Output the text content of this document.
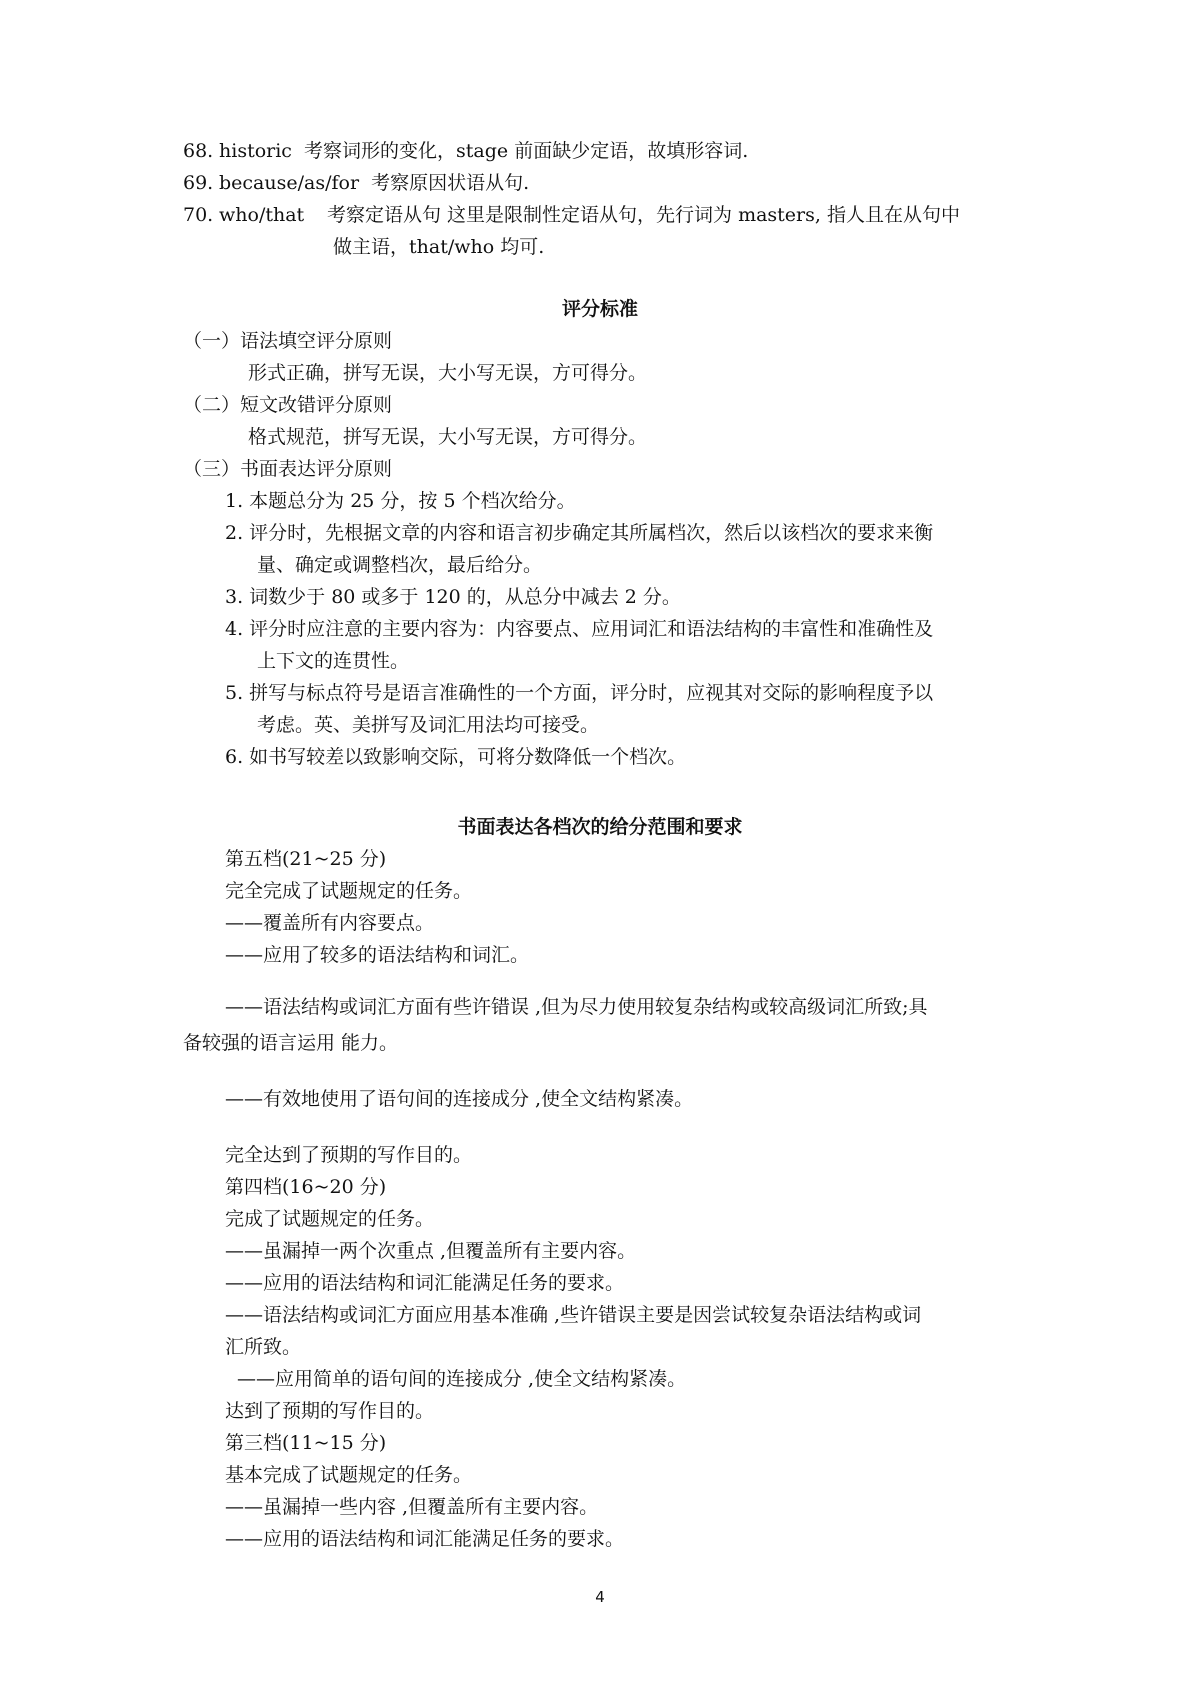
68. historic 考察词形的变化，stage 前面缺少定语，故填形容词.
69. because/as/for 考察原因状语从句.
70. who/that 考察定语从句 这里是限制性定语从句，先行词为 masters, 指人且在从句中
做主语，that/who 均可.
评分标准
（一）语法填空评分原则
形式正确，拼写无误，大小写无误，方可得分。
（二）短文改错评分原则
格式规范，拼写无误，大小写无误，方可得分。
（三）书面表达评分原则
1. 本题总分为 25 分，按 5 个档次给分。
2. 评分时，先根据文章的内容和语言初步确定其所属档次，然后以该档次的要求来衡
量、确定或调整档次，最后给分。
3. 词数少于 80 或多于 120 的，从总分中减去 2 分。
4. 评分时应注意的主要内容为：内容要点、应用词汇和语法结构的丰富性和准确性及
上下文的连贯性。
5. 拼写与标点符号是语言准确性的一个方面，评分时，应视其对交际的影响程度予以
考虑。英、美拼写及词汇用法均可接受。
6. 如书写较差以致影响交际，可将分数降低一个档次。
书面表达各档次的给分范围和要求
第五档(21~25 分)
完全完成了试题规定的任务。
——覆盖所有内容要点。
——应用了较多的语法结构和词汇。
——语法结构或词汇方面有些许错误 ,但为尽力使用较复杂结构或较高级词汇所致;具
备较强的语言运用 能力。
——有效地使用了语句间的连接成分 ,使全文结构紧凑。
完全达到了预期的写作目的。
第四档(16~20 分)
完成了试题规定的任务。
——虽漏掉一两个次重点 ,但覆盖所有主要内容。
——应用的语法结构和词汇能满足任务的要求。
——语法结构或词汇方面应用基本准确 ,些许错误主要是因尝试较复杂语法结构或词
汇所致。
——应用简单的语句间的连接成分 ,使全文结构紧凑。
达到了预期的写作目的。
第三档(11~15 分)
基本完成了试题规定的任务。
——虽漏掉一些内容 ,但覆盖所有主要内容。
——应用的语法结构和词汇能满足任务的要求。
4
